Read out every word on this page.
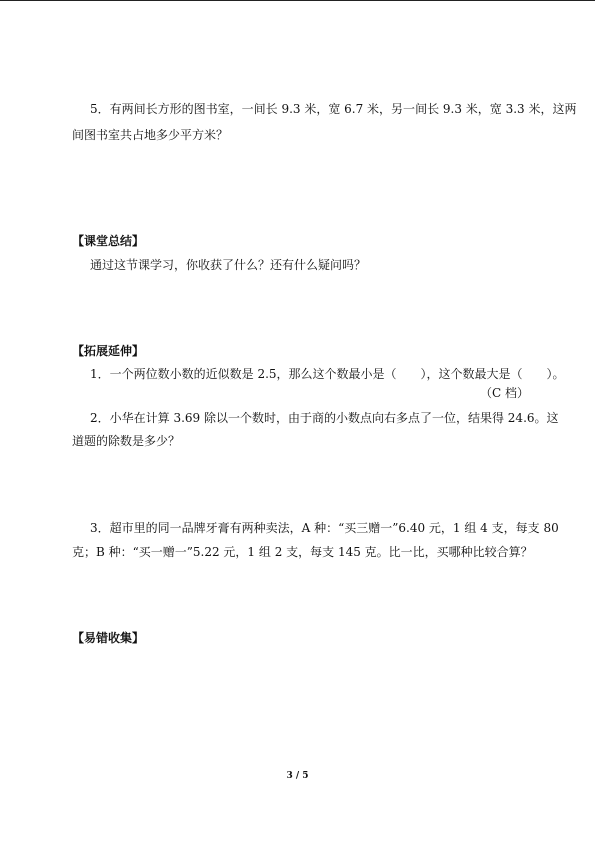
5．有两间长方形的图书室，一间长 9.3 米，宽 6.7 米，另一间长 9.3 米，宽 3.3 米，这两
间图书室共占地多少平方米？
【课堂总结】
通过这节课学习，你收获了什么？还有什么疑问吗？
【拓展延伸】
1．一个两位数小数的近似数是 2.5，那么这个数最小是（　　），这个数最大是（　　）。
（C 档）
2．小华在计算 3.69 除以一个数时，由于商的小数点向右多点了一位，结果得 24.6。这
道题的除数是多少？
3．超市里的同一品牌牙膏有两种卖法，A 种：“买三赠一”6.40 元，1 组 4 支，每支 80
克；B 种：“买一赠一”5.22 元，1 组 2 支，每支 145 克。比一比，买哪种比较合算？
【易错收集】
3 / 5
